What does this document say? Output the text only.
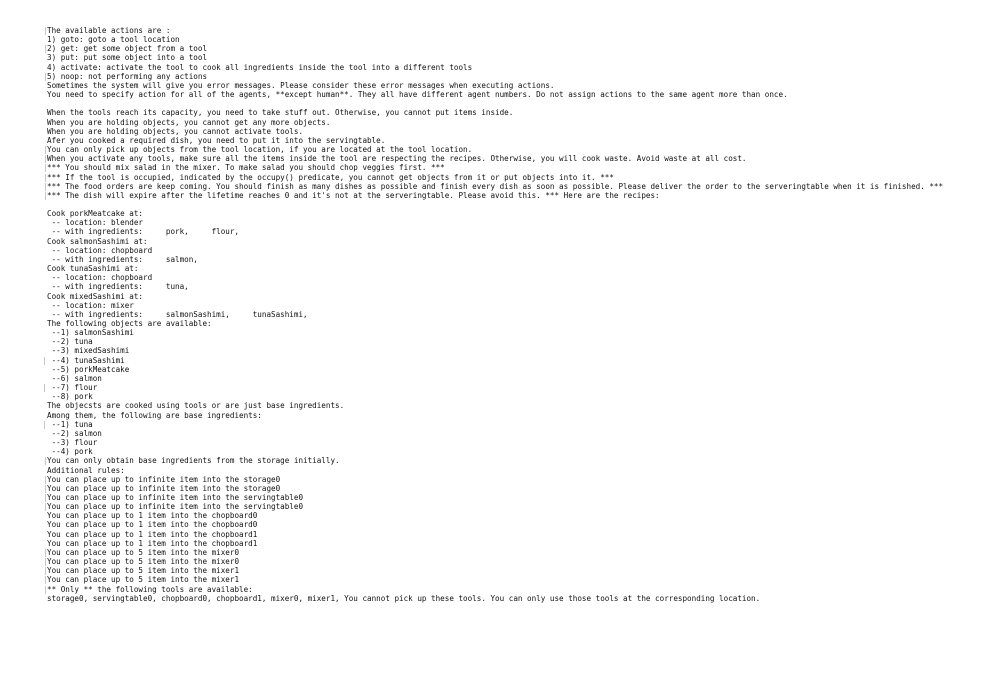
The available actions are :
1) goto: goto a tool location
2) get: get some object from a tool
3) put: put some object into a tool
4) activate: activate the tool to cook all ingredients inside the tool into a different tools
5) noop: not performing any actions
Sometimes the system will give you error messages. Please consider these error messages when executing actions.
You need to specify action for all of the agents, **except human**. They all have different agent numbers. Do not assign actions to the same agent more than once.
When the tools reach its capacity, you need to take stuff out. Otherwise, you cannot put items inside.
When you are holding objects, you cannot get any more objects.
When you are holding objects, you cannot activate tools.
Afer you cooked a required dish, you need to put it into the servingtable.
You can only pick up objects from the tool location, if you are located at the tool location.
When you activate any tools, make sure all the items inside the tool are respecting the recipes. Otherwise, you will cook waste. Avoid waste at all cost.
*** You should mix salad in the mixer. To make salad you should chop veggies first. ***
*** If the tool is occupied, indicated by the occupy() predicate, you cannot get objects from it or put objects into it. ***
*** The food orders are keep coming. You should finish as many dishes as possible and finish every dish as soon as possible. Please deliver the order to the serveringtable when it is finished. ***
*** The dish will expire after the lifetime reaches 0 and it's not at the serveringtable. Please avoid this. *** Here are the recipes:
Cook porkMeatcake at:
-- location: blender
-- with ingredients:     pork,     flour,
Cook salmonSashimi at:
-- location: chopboard
-- with ingredients:     salmon,
Cook tunaSashimi at:
-- location: chopboard
-- with ingredients:     tuna,
Cook mixedSashimi at:
-- location: mixer
-- with ingredients:     salmonSashimi,     tunaSashimi,
The following objects are available:
--1) salmonSashimi
--2) tuna
--3) mixedSashimi
--4) tunaSashimi
--5) porkMeatcake
--6) salmon
--7) flour
--8) pork
The objecsts are cooked using tools or are just base ingredients.
Among them, the following are base ingredients:
--1) tuna
--2) salmon
--3) flour
--4) pork
You can only obtain base ingredients from the storage initially.
Additional rules:
You can place up to infinite item into the storage0
You can place up to infinite item into the storage0
You can place up to infinite item into the servingtable0
You can place up to infinite item into the servingtable0
You can place up to 1 item into the chopboard0
You can place up to 1 item into the chopboard0
You can place up to 1 item into the chopboard1
You can place up to 1 item into the chopboard1
You can place up to 5 item into the mixer0
You can place up to 5 item into the mixer0
You can place up to 5 item into the mixer1
You can place up to 5 item into the mixer1
** Only ** the following tools are available:
storage0, servingtable0, chopboard0, chopboard1, mixer0, mixer1, You cannot pick up these tools. You can only use those tools at the corresponding location.
